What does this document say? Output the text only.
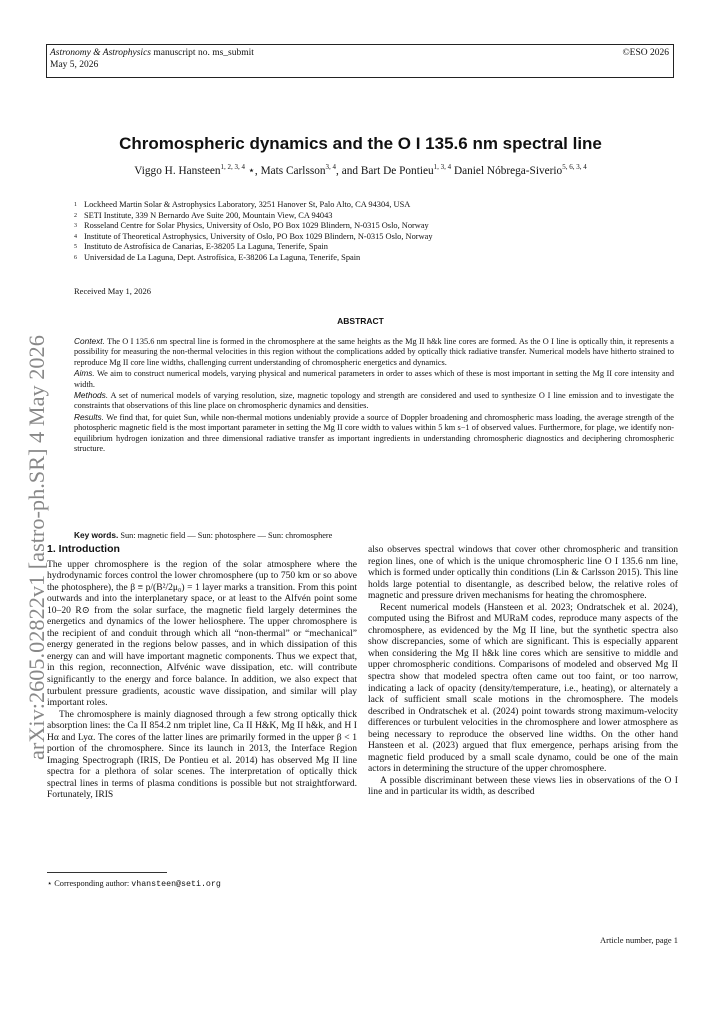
Astronomy & Astrophysics manuscript no. ms_submit
May 5, 2026
©ESO 2026
arXiv:2605.02822v1 [astro-ph.SR] 4 May 2026
Chromospheric dynamics and the O I 135.6 nm spectral line
Viggo H. Hansteen$^{1, 2, 3, 4}$ ⋆, Mats Carlsson$^{3, 4}$, and Bart De Pontieu$^{1, 3, 4}$ Daniel Nóbrega-Siverio$^{5, 6, 3, 4}$
1 Lockheed Martin Solar & Astrophysics Laboratory, 3251 Hanover St, Palo Alto, CA 94304, USA
2 SETI Institute, 339 N Bernardo Ave Suite 200, Mountain View, CA 94043
3 Rosseland Centre for Solar Physics, University of Oslo, PO Box 1029 Blindern, N-0315 Oslo, Norway
4 Institute of Theoretical Astrophysics, University of Oslo, PO Box 1029 Blindern, N-0315 Oslo, Norway
5 Instituto de Astrofísica de Canarias, E-38205 La Laguna, Tenerife, Spain
6 Universidad de La Laguna, Dept. Astrofísica, E-38206 La Laguna, Tenerife, Spain
Received May 1, 2026
ABSTRACT

Context. The O I 135.6 nm spectral line is formed in the chromosphere at the same heights as the Mg II h&k line cores are formed. As the O I line is optically thin, it represents a possibility for measuring the non-thermal velocities in this region without the complications added by optically thick radiative transfer. Numerical models have hitherto strained to reproduce Mg II core line widths, challenging current understanding of chromospheric energetics and dynamics.

Aims. We aim to construct numerical models, varying physical and numerical parameters in order to asses which of these is most important in setting the Mg II core intensity and width.

Methods. A set of numerical models of varying resolution, size, magnetic topology and strength are considered and used to synthesize O I line emission and to investigate the constraints that observations of this line place on chromospheric dynamics and densities.

Results. We find that, for quiet Sun, while non-thermal motions undeniably provide a source of Doppler broadening and chromospheric mass loading, the average strength of the photospheric magnetic field is the most important parameter in setting the Mg II core width to values within 5 km s−1 of observed values. Furthermore, for plage, we identify non-equilibrium hydrogen ionization and three dimensional radiative transfer as important ingredients in understanding chromospheric diagnostics and deciphering chromospheric structure.

Key words. Sun: magnetic field — Sun: photosphere — Sun: chromosphere
1. Introduction

The upper chromosphere is the region of the solar atmosphere where the hydrodynamic forces control the lower chromosphere (up to 750 km or so above the photosphere), the β ≡ p/(B²/2μ₀) = 1 layer marks a transition. From this point outwards and into the interplanetary space, or at least to the Alfvén point some 10–20 R⊙ from the solar surface, the magnetic field largely determines the energetics and dynamics of the lower heliosphere. The upper chromosphere is the recipient of and conduit through which all “non-thermal” or “mechanical” energy generated in the regions below passes, and in which dissipation of this energy can and will have important magnetic components. Thus we expect that, in this region, reconnection, Alfvénic wave dissipation, etc. will contribute significantly to the energy and force balance. In addition, we also expect that turbulent pressure gradients, acoustic wave dissipation, and similar will play important roles.

The chromosphere is mainly diagnosed through a few strong optically thick absorption lines: the Ca II 854.2 nm triplet line, Ca II H&K, Mg II h&k, and H I Hα and Lyα. The cores of the latter lines are primarily formed in the upper β < 1 portion of the chromosphere. Since its launch in 2013, the Interface Region Imaging Spectrograph (IRIS, De Pontieu et al. 2014) has observed Mg II line spectra for a plethora of solar scenes. The interpretation of optically thick spectral lines in terms of plasma conditions is possible but not straightforward. Fortunately, IRIS

also observes spectral windows that cover other chromospheric and transition region lines, one of which is the unique chromospheric line O I 135.6 nm line, which is formed under optically thin conditions (Lin & Carlsson 2015). This line holds large potential to disentangle, as described below, the relative roles of magnetic and pressure driven mechanisms for heating the chromosphere.

Recent numerical models (Hansteen et al. 2023; Ondratschek et al. 2024), computed using the Bifrost and MURaM codes, reproduce many aspects of the chromosphere, as evidenced by the Mg II line, but the synthetic spectra also show discrepancies, some of which are significant. This is especially apparent when considering the Mg II h&k line cores which are sensitive to middle and upper chromospheric conditions. Comparisons of modeled and observed Mg II spectra show that modeled spectra often came out too faint, or too narrow, indicating a lack of opacity (density/temperature, i.e., heating), or alternately a lack of sufficient small scale motions in the chromosphere. The models described in Ondratschek et al. (2024) point towards strong maximum-velocity differences or turbulent velocities in the chromosphere and lower atmosphere as being necessary to reproduce the observed line widths. On the other hand Hansteen et al. (2023) argued that flux emergence, perhaps arising from the magnetic field produced by a small scale dynamo, could be one of the main actors in determining the structure of the upper chromosphere.

A possible discriminant between these views lies in observations of the O I line and in particular its width, as described

⋆ Corresponding author: vhansteen@seti.org
Article number, page 1
